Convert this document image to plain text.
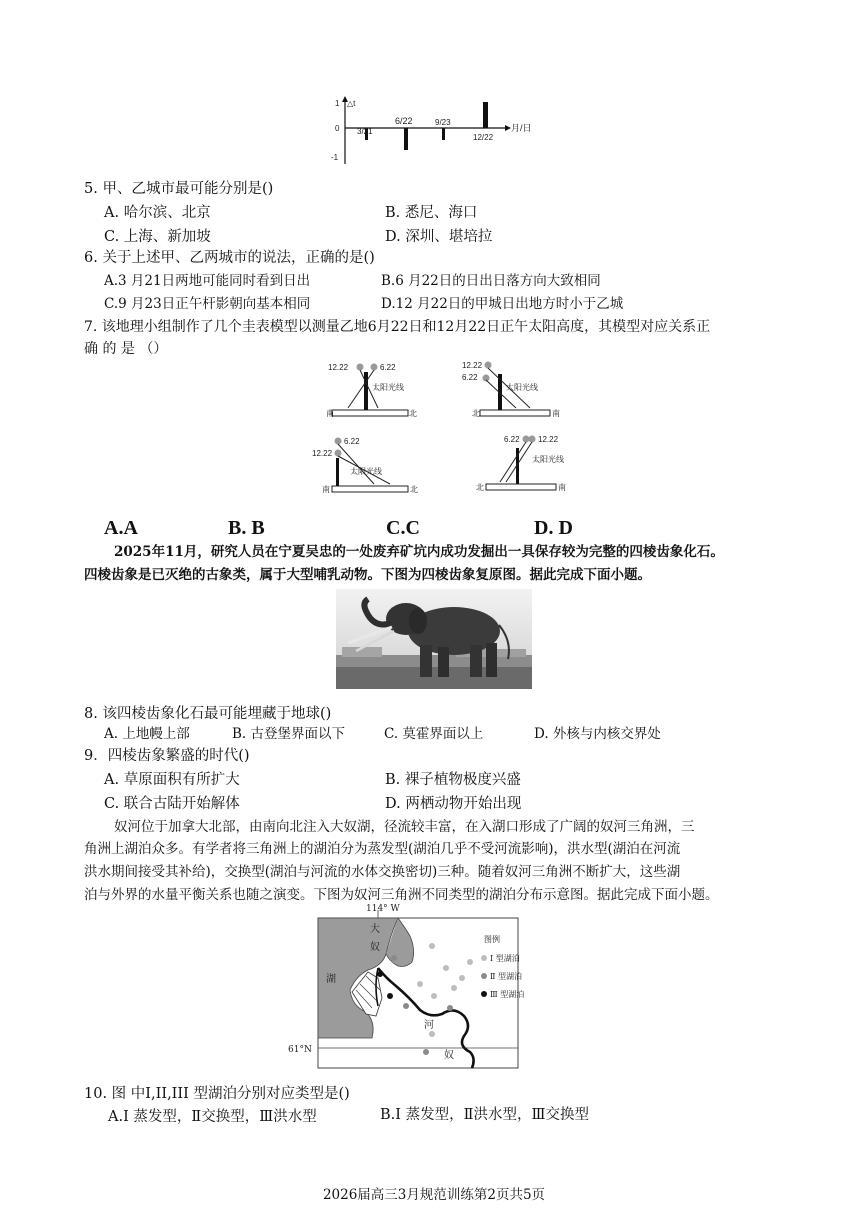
△t
1
0
-1
3/21
6/22	9/23
12/22
月/日
5. 甲、乙城市最可能分别是()
A. 哈尔滨、北京	B. 悉尼、海口
C. 上海、新加坡	D. 深圳、堪培拉
6. 关于上述甲、乙两城市的说法，正确的是()
A.3 月21日两地可能同时看到日出	B.6 月22日的日出日落方向大致相同
C.9 月23日正午杆影朝向基本相同	D.12 月22日的甲城日出地方时小于乙城
7. 该地理小组制作了几个圭表模型以测量乙地6月22日和12月22日正午太阳高度，其模型对应关系正
确 的 是 （）
12.22	6.22
太阳光线
南	北
12.22
6.22
太阳光线
北	南
6.22
12.22
太阳光线
南	北
6.22 12.22
太阳光线
北	南
A.A	B. B	C.C	D. D
2025年11月，研究人员在宁夏吴忠的一处废弃矿坑内成功发掘出一具保存较为完整的四棱齿象化石。
四棱齿象是已灭绝的古象类，属于大型哺乳动物。下图为四棱齿象复原图。据此完成下面小题。
8. 该四棱齿象化石最可能埋藏于地球()
A. 上地幔上部	B. 古登堡界面以下	C. 莫霍界面以上	D. 外核与内核交界处
9．四棱齿象繁盛的时代()
A. 草原面积有所扩大	B. 裸子植物极度兴盛
C. 联合古陆开始解体	D. 两栖动物开始出现
奴河位于加拿大北部，由南向北注入大奴湖，径流较丰富，在入湖口形成了广阔的奴河三角洲，三
角洲上湖泊众多。有学者将三角洲上的湖泊分为蒸发型(湖泊几乎不受河流影响)，洪水型(湖泊在河流
洪水期间接受其补给)，交换型(湖泊与河流的水体交换密切)三种。随着奴河三角洲不断扩大，这些湖
泊与外界的水量平衡关系也随之演变。下图为奴河三角洲不同类型的湖泊分布示意图。据此完成下面小题。
114° W
61°N
大
奴
湖
河
奴
图例
Ⅰ 型湖泊
Ⅱ 型湖泊
Ⅲ 型湖泊
10. 图 中I,II,III 型湖泊分别对应类型是()
A.I 蒸发型，Ⅱ交换型，Ⅲ洪水型	B.Ⅰ 蒸发型，Ⅱ洪水型，Ⅲ交换型
2026届高三3月规范训练第2页共5页
